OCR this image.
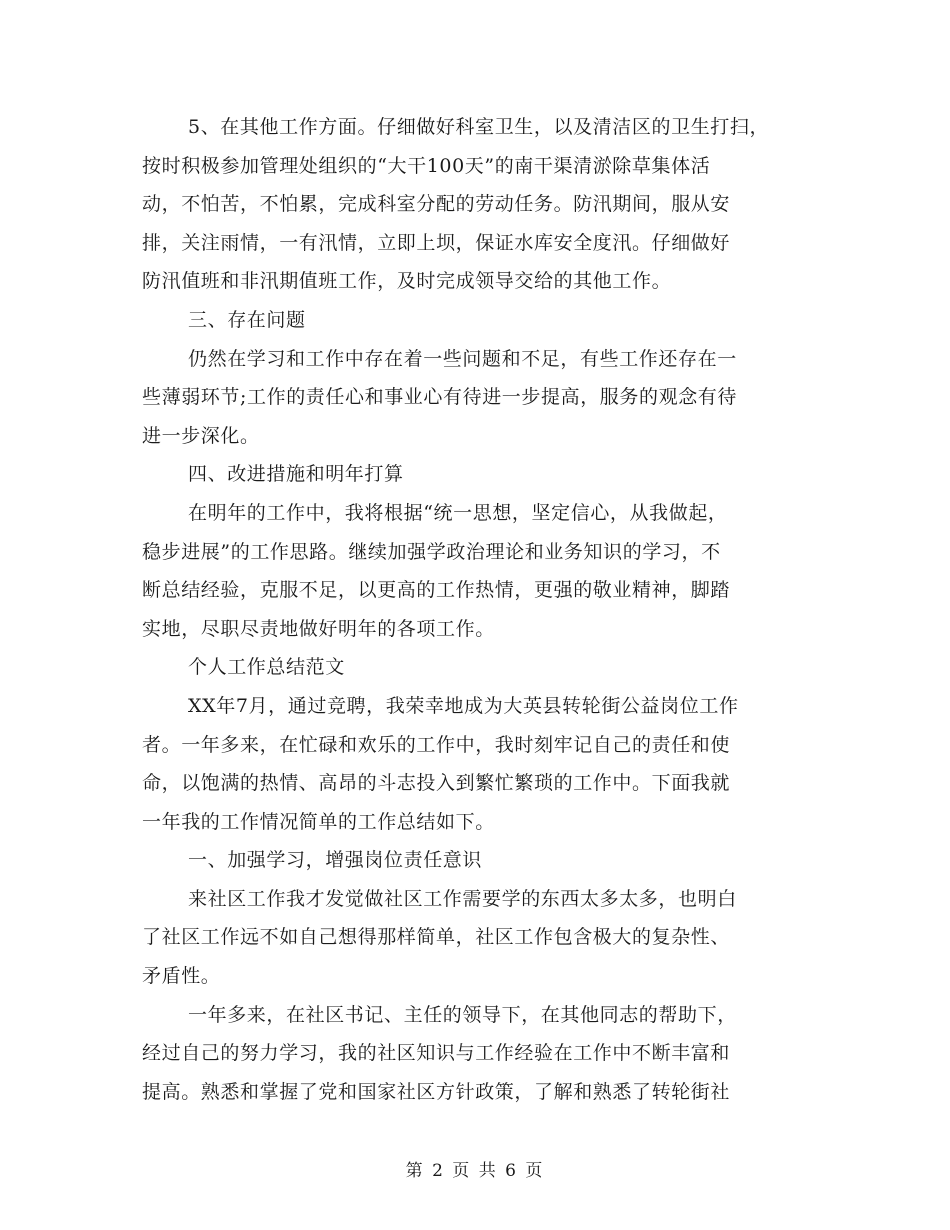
5、在其他工作方面。仔细做好科室卫生，以及清洁区的卫生打扫，
按时积极参加管理处组织的“大干100天”的南干渠清淤除草集体活
动，不怕苦，不怕累，完成科室分配的劳动任务。防汛期间，服从安
排，关注雨情，一有汛情，立即上坝，保证水库安全度汛。仔细做好
防汛值班和非汛期值班工作，及时完成领导交给的其他工作。
三、存在问题
仍然在学习和工作中存在着一些问题和不足，有些工作还存在一
些薄弱环节;工作的责任心和事业心有待进一步提高，服务的观念有待
进一步深化。
四、改进措施和明年打算
在明年的工作中，我将根据“统一思想，坚定信心，从我做起，
稳步进展”的工作思路。继续加强学政治理论和业务知识的学习，不
断总结经验，克服不足，以更高的工作热情，更强的敬业精神，脚踏
实地，尽职尽责地做好明年的各项工作。
个人工作总结范文
XX年7月，通过竞聘，我荣幸地成为大英县转轮街公益岗位工作
者。一年多来，在忙碌和欢乐的工作中，我时刻牢记自己的责任和使
命，以饱满的热情、高昂的斗志投入到繁忙繁琐的工作中。下面我就
一年我的工作情况简单的工作总结如下。
一、加强学习，增强岗位责任意识
来社区工作我才发觉做社区工作需要学的东西太多太多，也明白
了社区工作远不如自己想得那样简单，社区工作包含极大的复杂性、
矛盾性。
一年多来，在社区书记、主任的领导下，在其他同志的帮助下，
经过自己的努力学习，我的社区知识与工作经验在工作中不断丰富和
提高。熟悉和掌握了党和国家社区方针政策，了解和熟悉了转轮街社
第 2 页 共 6 页
